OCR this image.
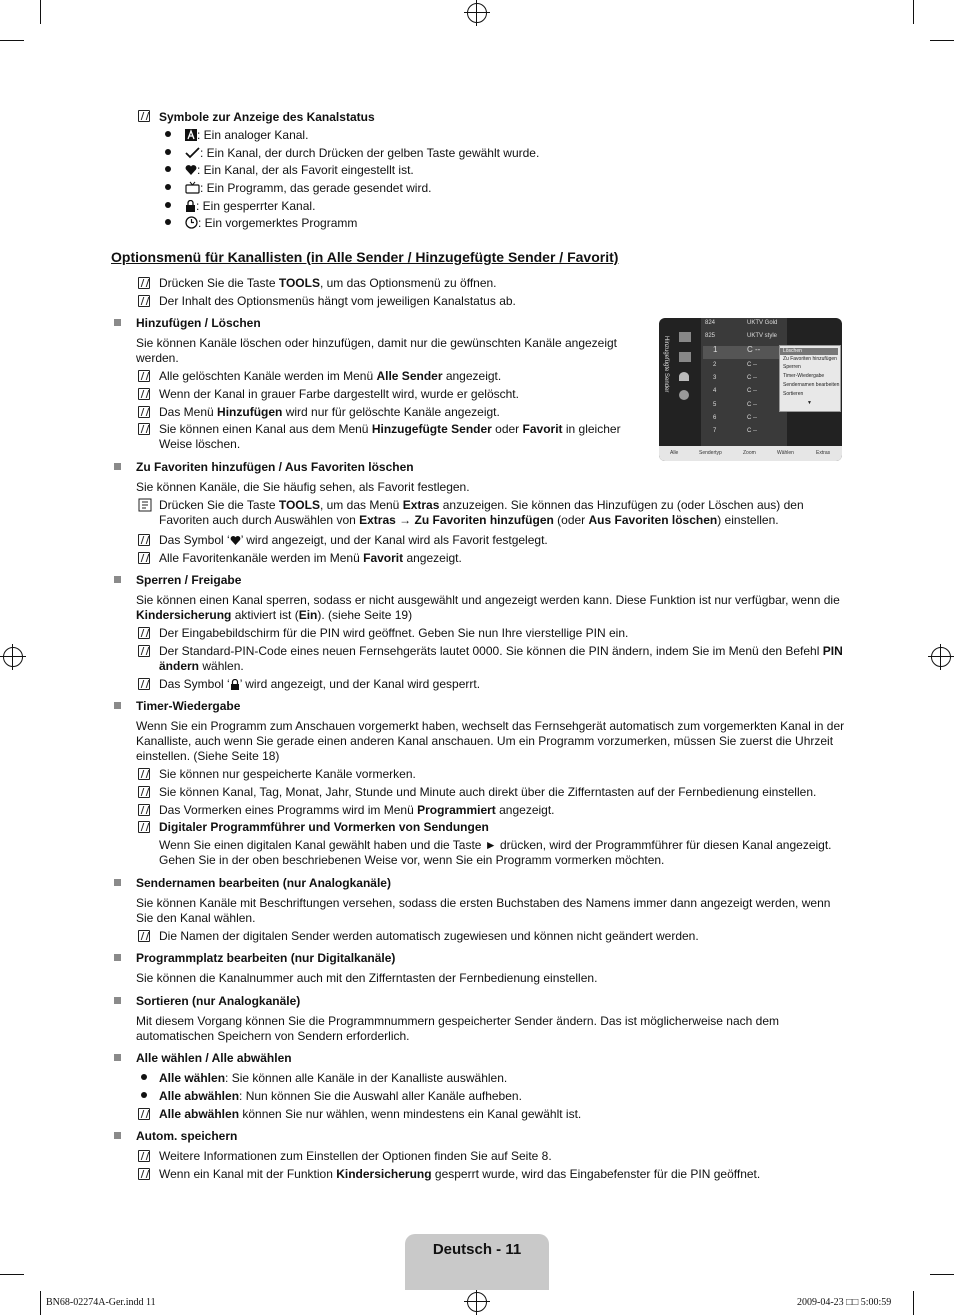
Symbole zur Anzeige des Kanalstatus
: Ein analoger Kanal.
: Ein Kanal, der durch Drücken der gelben Taste gewählt wurde.
: Ein Kanal, der als Favorit eingestellt ist.
: Ein Programm, das gerade gesendet wird.
: Ein gesperrter Kanal.
: Ein vorgemerktes Programm
Optionsmenü für Kanallisten (in Alle Sender / Hinzugefügte Sender / Favorit)
Drücken Sie die Taste TOOLS, um das Optionsmenü zu öffnen.
Der Inhalt des Optionsmenüs hängt vom jeweiligen Kanalstatus ab.
Hinzufügen / Löschen
Sie können Kanäle löschen oder hinzufügen, damit nur die gewünschten Kanäle angezeigt werden.
Alle gelöschten Kanäle werden im Menü Alle Sender angezeigt.
Wenn der Kanal in grauer Farbe dargestellt wird, wurde er gelöscht.
Das Menü Hinzufügen wird nur für gelöschte Kanäle angezeigt.
Sie können einen Kanal aus dem Menü Hinzugefügte Sender oder Favorit in gleicher Weise löschen.
Hinzugefügte Sender
824	UKTV Gold
825	UKTV style
1	C --
2	C --
3	C --
4	C --
5	C --
6	C --
7	C --
Löschen
Zu Favoriten hinzufügen
Sperren
Timer-Wiedergabe
Sendernamen bearbeiten
Sortieren
▼
Alle	Sendertyp	Zoom	Wählen	Extras
Zu Favoriten hinzufügen / Aus Favoriten löschen
Sie können Kanäle, die Sie häufig sehen, als Favorit festlegen.
Drücken Sie die Taste TOOLS, um das Menü Extras anzuzeigen. Sie können das Hinzufügen zu (oder Löschen aus) den Favoriten auch durch Auswählen von Extras → Zu Favoriten hinzufügen (oder Aus Favoriten löschen) einstellen.
Das Symbol ‘ ’ wird angezeigt, und der Kanal wird als Favorit festgelegt.
Alle Favoritenkanäle werden im Menü Favorit angezeigt.
Sperren / Freigabe
Sie können einen Kanal sperren, sodass er nicht ausgewählt und angezeigt werden kann. Diese Funktion ist nur verfügbar, wenn die Kindersicherung aktiviert ist (Ein). (siehe Seite 19)
Der Eingabebildschirm für die PIN wird geöffnet. Geben Sie nun Ihre vierstellige PIN ein.
Der Standard-PIN-Code eines neuen Fernsehgeräts lautet 0000. Sie können die PIN ändern, indem Sie im Menü den Befehl PIN ändern wählen.
Das Symbol ‘ ’ wird angezeigt, und der Kanal wird gesperrt.
Timer-Wiedergabe
Wenn Sie ein Programm zum Anschauen vorgemerkt haben, wechselt das Fernsehgerät automatisch zum vorgemerkten Kanal in der Kanalliste, auch wenn Sie gerade einen anderen Kanal anschauen. Um ein Programm vorzumerken, müssen Sie zuerst die Uhrzeit einstellen. (Siehe Seite 18)
Sie können nur gespeicherte Kanäle vormerken.
Sie können Kanal, Tag, Monat, Jahr, Stunde und Minute auch direkt über die Zifferntasten auf der Fernbedienung einstellen.
Das Vormerken eines Programms wird im Menü Programmiert angezeigt.
Digitaler Programmführer und Vormerken von Sendungen
Wenn Sie einen digitalen Kanal gewählt haben und die Taste ► drücken, wird der Programmführer für diesen Kanal angezeigt. Gehen Sie in der oben beschriebenen Weise vor, wenn Sie ein Programm vormerken möchten.
Sendernamen bearbeiten (nur Analogkanäle)
Sie können Kanäle mit Beschriftungen versehen, sodass die ersten Buchstaben des Namens immer dann angezeigt werden, wenn Sie den Kanal wählen.
Die Namen der digitalen Sender werden automatisch zugewiesen und können nicht geändert werden.
Programmplatz bearbeiten (nur Digitalkanäle)
Sie können die Kanalnummer auch mit den Zifferntasten der Fernbedienung einstellen.
Sortieren (nur Analogkanäle)
Mit diesem Vorgang können Sie die Programmnummern gespeicherter Sender ändern. Das ist möglicherweise nach dem automatischen Speichern von Sendern erforderlich.
Alle wählen / Alle abwählen
Alle wählen: Sie können alle Kanäle in der Kanalliste auswählen.
Alle abwählen: Nun können Sie die Auswahl aller Kanäle aufheben.
Alle abwählen können Sie nur wählen, wenn mindestens ein Kanal gewählt ist.
Autom. speichern
Weitere Informationen zum Einstellen der Optionen finden Sie auf Seite 8.
Wenn ein Kanal mit der Funktion Kindersicherung gesperrt wurde, wird das Eingabefenster für die PIN geöffnet.
Deutsch - 11
BN68-02274A-Ger.indd 11	2009-04-23 □□ 5:00:59
